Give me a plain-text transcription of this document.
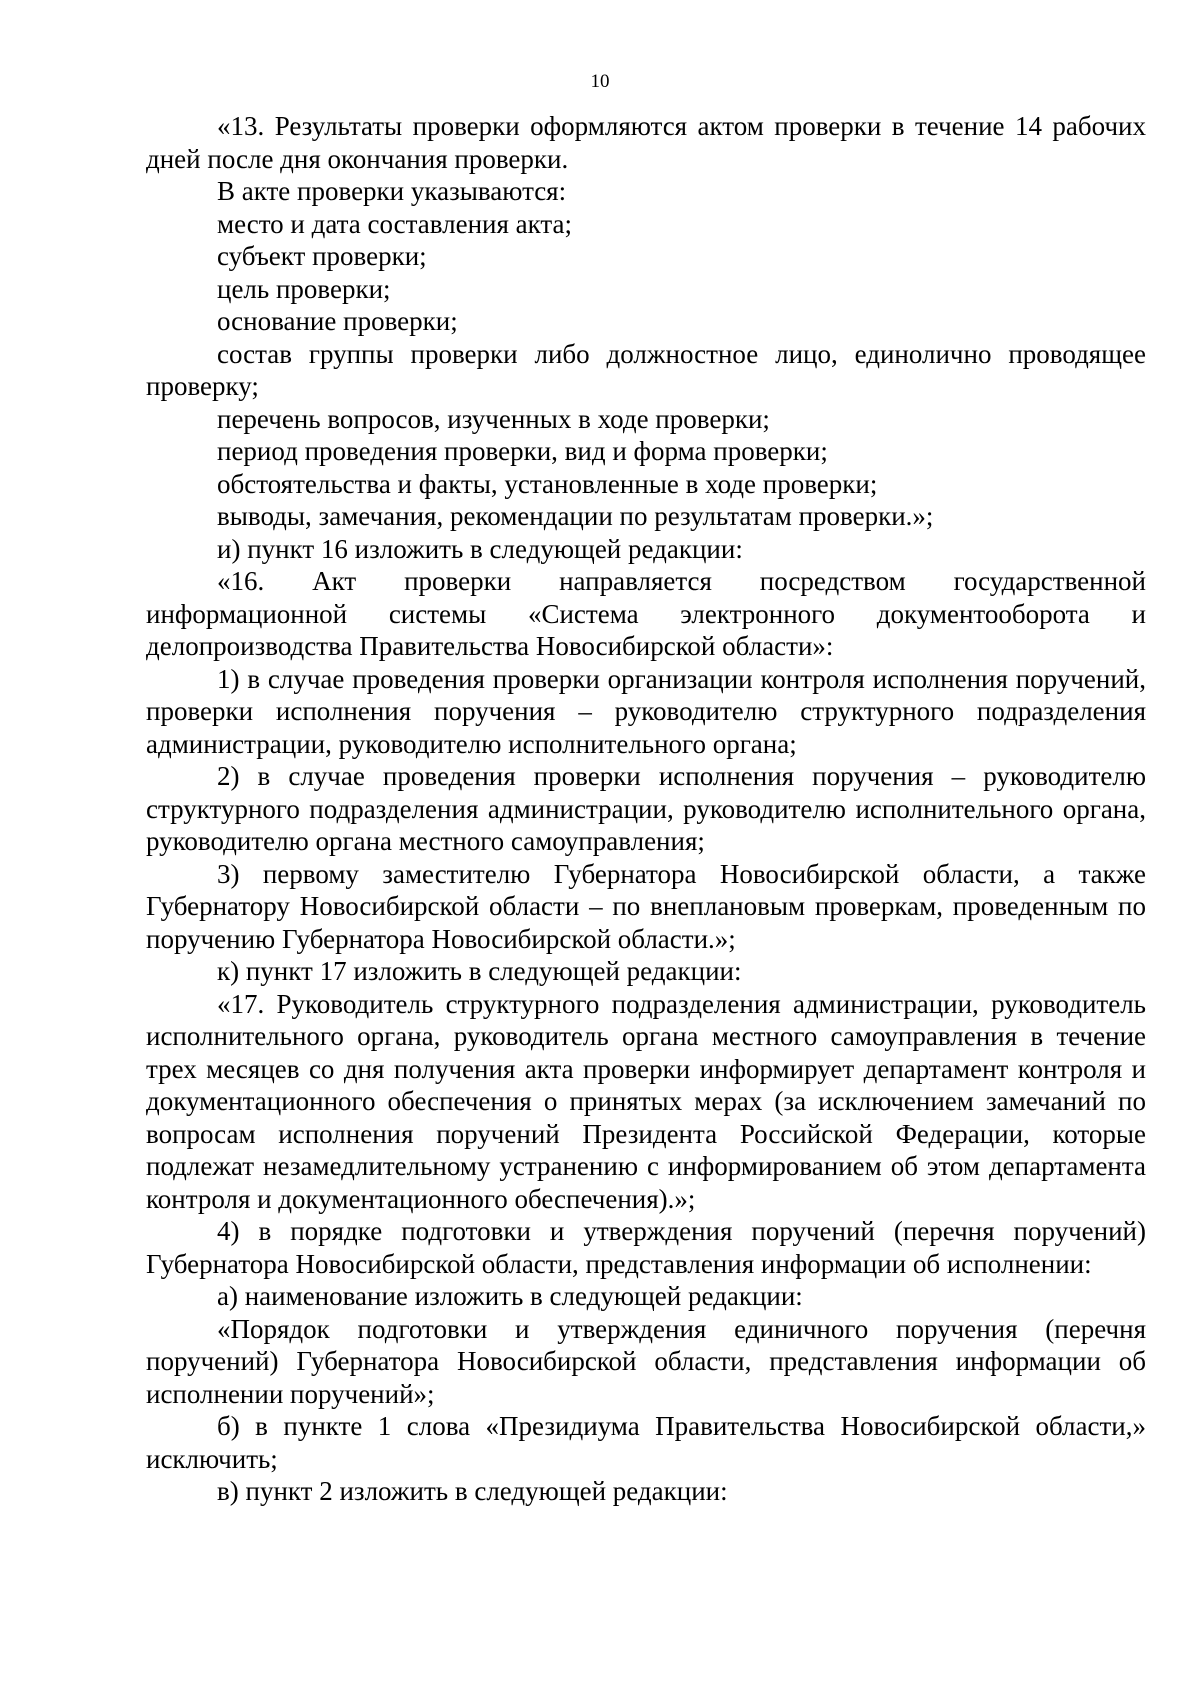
10

«13. Результаты проверки оформляются актом проверки в течение 14 рабочих дней после дня окончания проверки.

В акте проверки указываются:

место и дата составления акта;

субъект проверки;

цель проверки;

основание проверки;

состав группы проверки либо должностное лицо, единолично проводящее проверку;

перечень вопросов, изученных в ходе проверки;

период проведения проверки, вид и форма проверки;

обстоятельства и факты, установленные в ходе проверки;

выводы, замечания, рекомендации по результатам проверки.»;

и) пункт 16 изложить в следующей редакции:

«16. Акт проверки направляется посредством государственной информационной системы «Система электронного документооборота и делопроизводства Правительства Новосибирской области»:

1) в случае проведения проверки организации контроля исполнения поручений, проверки исполнения поручения – руководителю структурного подразделения администрации, руководителю исполнительного органа;

2) в случае проведения проверки исполнения поручения – руководителю структурного подразделения администрации, руководителю исполнительного органа, руководителю органа местного самоуправления;

3) первому заместителю Губернатора Новосибирской области, а также Губернатору Новосибирской области – по внеплановым проверкам, проведенным по поручению Губернатора Новосибирской области.»;

к) пункт 17 изложить в следующей редакции:

«17. Руководитель структурного подразделения администрации, руководитель исполнительного органа, руководитель органа местного самоуправления в течение трех месяцев со дня получения акта проверки информирует департамент контроля и документационного обеспечения о принятых мерах (за исключением замечаний по вопросам исполнения поручений Президента Российской Федерации, которые подлежат незамедлительному устранению с информированием об этом департамента контроля и документационного обеспечения).»;

4) в порядке подготовки и утверждения поручений (перечня поручений) Губернатора Новосибирской области, представления информации об исполнении:

а) наименование изложить в следующей редакции:

«Порядок подготовки и утверждения единичного поручения (перечня поручений) Губернатора Новосибирской области, представления информации об исполнении поручений»;

б) в пункте 1 слова «Президиума Правительства Новосибирской области,» исключить;

в) пункт 2 изложить в следующей редакции:
